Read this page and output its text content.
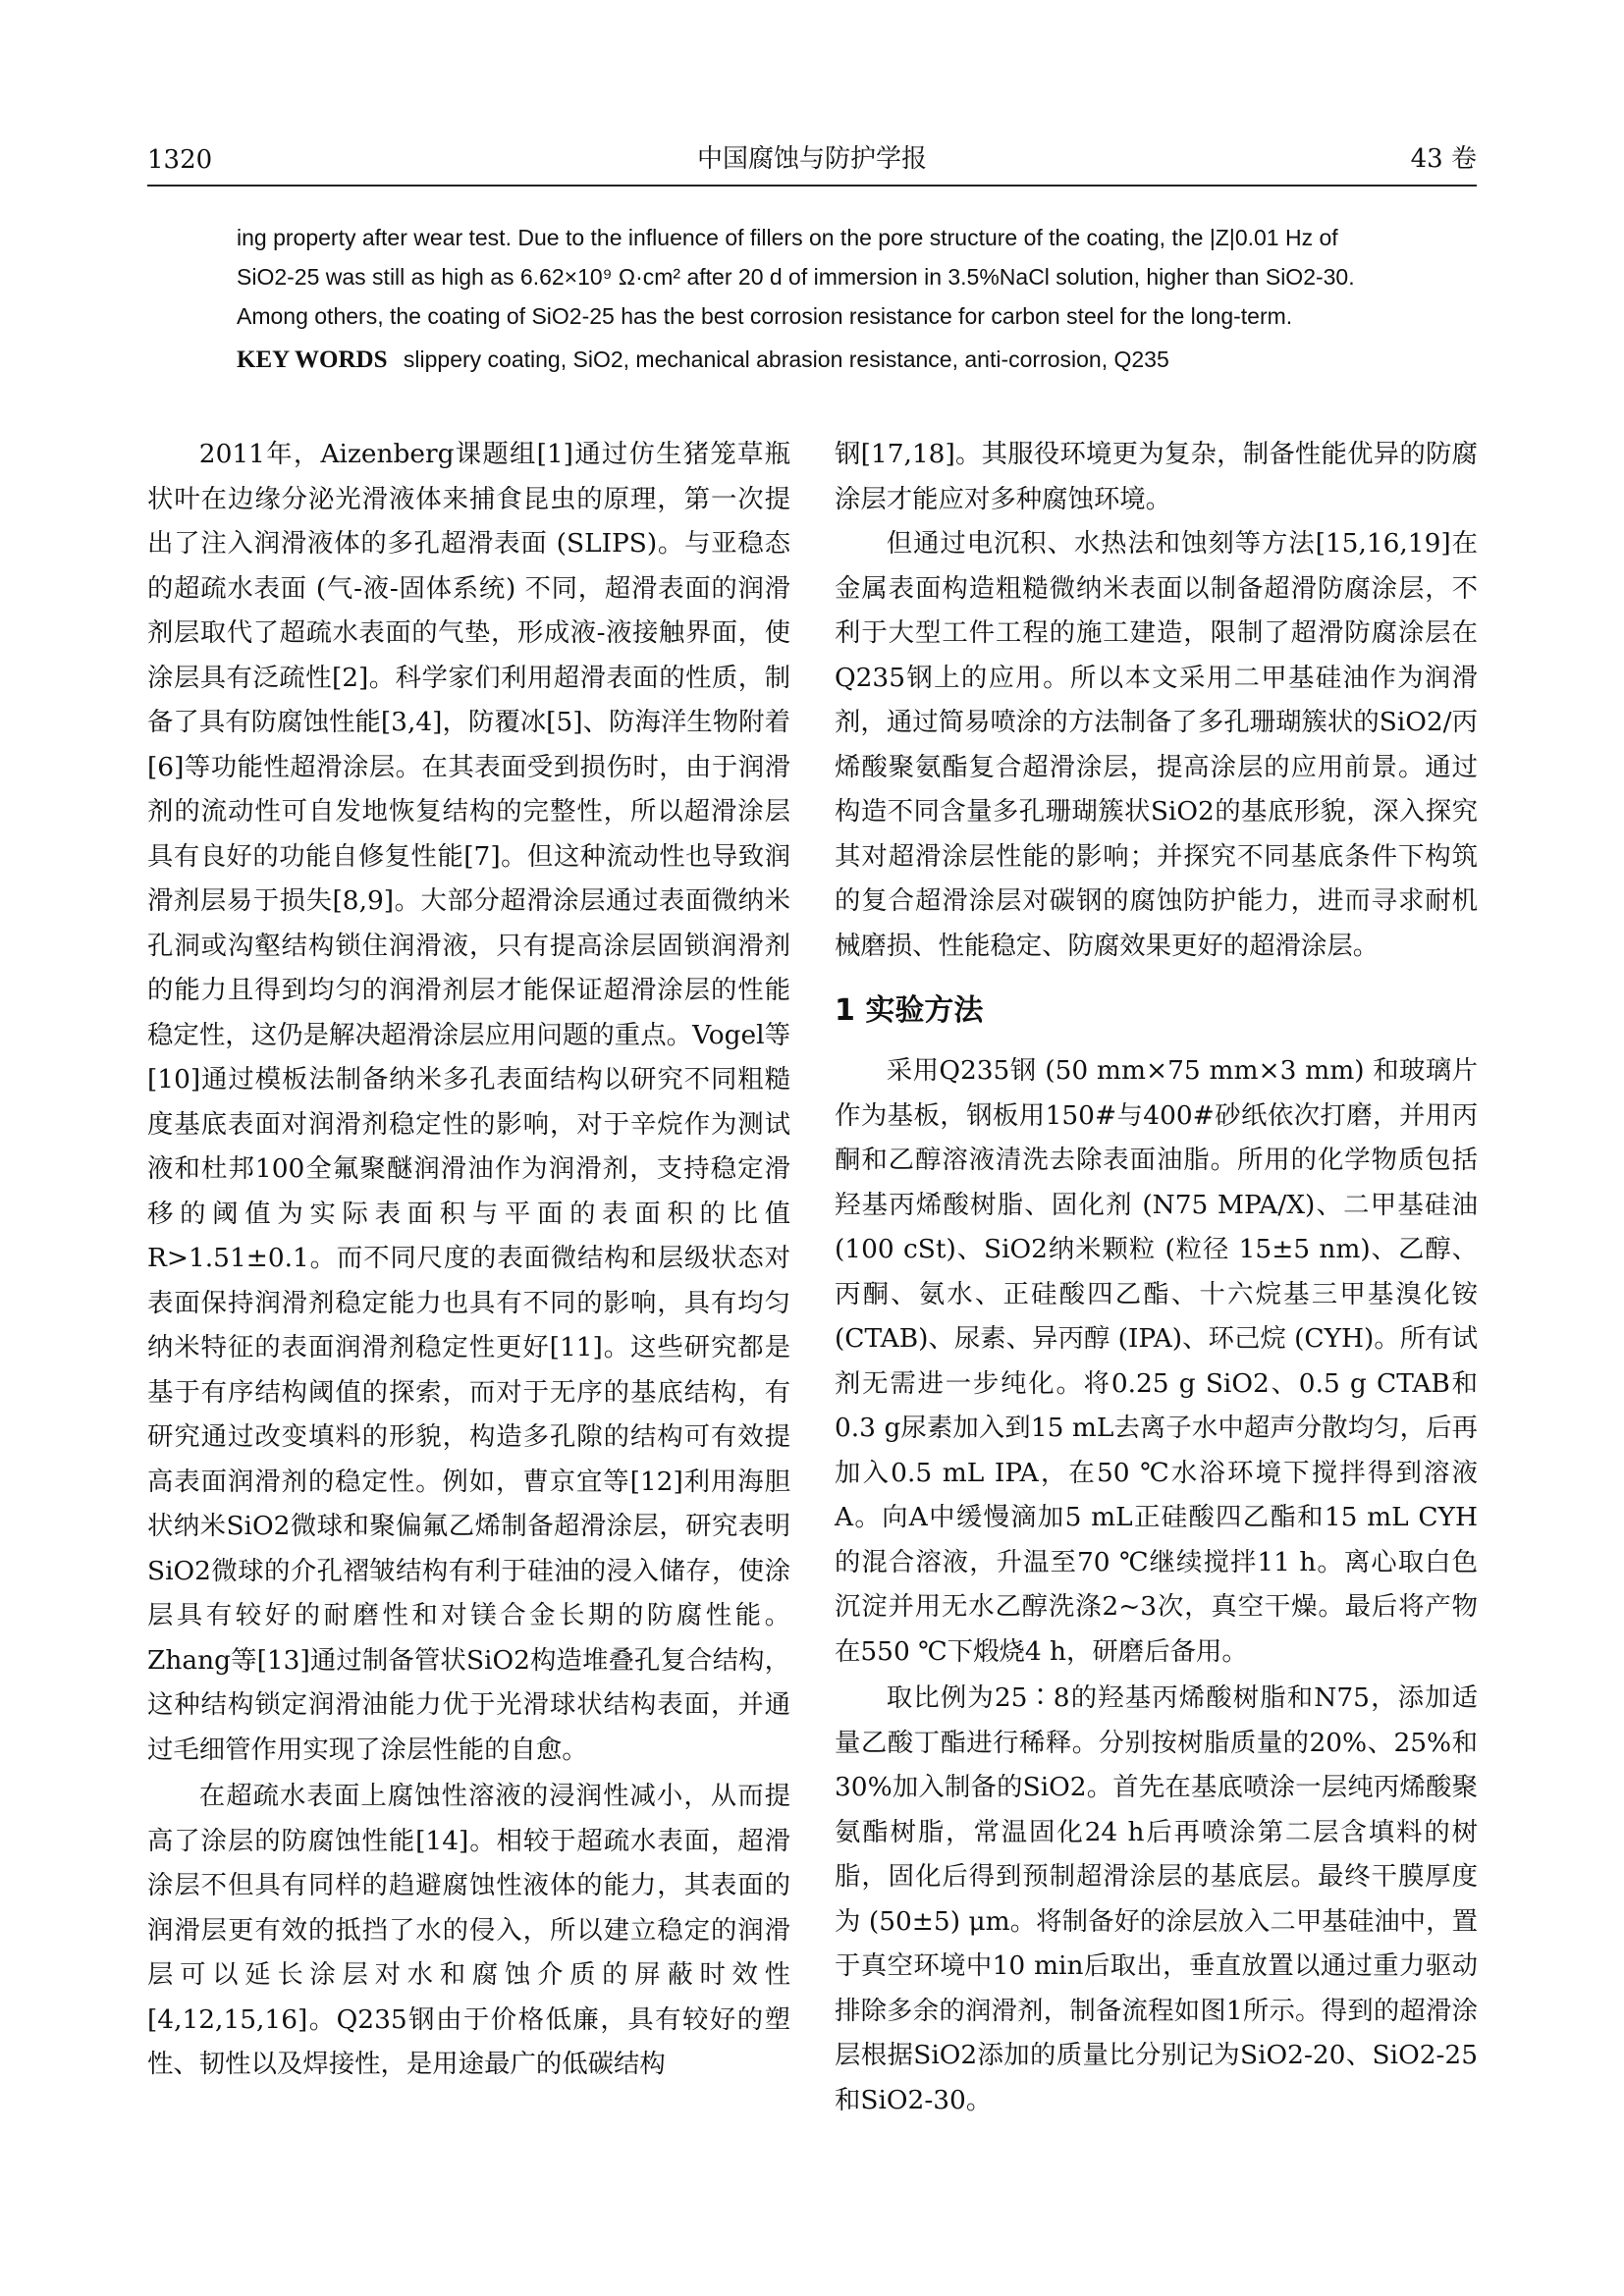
1320	中国腐蚀与防护学报	43 卷

ing property after wear test. Due to the influence of fillers on the pore structure of the coating, the |Z|0.01 Hz of SiO2-25 was still as high as 6.62×10⁹ Ω·cm² after 20 d of immersion in 3.5%NaCl solution, higher than SiO2-30. Among others, the coating of SiO2-25 has the best corrosion resistance for carbon steel for the long-term.

KEY WORDS slippery coating, SiO2, mechanical abrasion resistance, anti-corrosion, Q235

2011年，Aizenberg课题组[1]通过仿生猪笼草瓶状叶在边缘分泌光滑液体来捕食昆虫的原理，第一次提出了注入润滑液体的多孔超滑表面 (SLIPS)。与亚稳态的超疏水表面 (气-液-固体系统) 不同，超滑表面的润滑剂层取代了超疏水表面的气垫，形成液-液接触界面，使涂层具有泛疏性[2]。科学家们利用超滑表面的性质，制备了具有防腐蚀性能[3,4]，防覆冰[5]、防海洋生物附着[6]等功能性超滑涂层。在其表面受到损伤时，由于润滑剂的流动性可自发地恢复结构的完整性，所以超滑涂层具有良好的功能自修复性能[7]。但这种流动性也导致润滑剂层易于损失[8,9]。大部分超滑涂层通过表面微纳米孔洞或沟壑结构锁住润滑液，只有提高涂层固锁润滑剂的能力且得到均匀的润滑剂层才能保证超滑涂层的性能稳定性，这仍是解决超滑涂层应用问题的重点。Vogel等[10]通过模板法制备纳米多孔表面结构以研究不同粗糙度基底表面对润滑剂稳定性的影响，对于辛烷作为测试液和杜邦100全氟聚醚润滑油作为润滑剂，支持稳定滑移的阈值为实际表面积与平面的表面积的比值R>1.51±0.1。而不同尺度的表面微结构和层级状态对表面保持润滑剂稳定能力也具有不同的影响，具有均匀纳米特征的表面润滑剂稳定性更好[11]。这些研究都是基于有序结构阈值的探索，而对于无序的基底结构，有研究通过改变填料的形貌，构造多孔隙的结构可有效提高表面润滑剂的稳定性。例如，曹京宜等[12]利用海胆状纳米SiO2微球和聚偏氟乙烯制备超滑涂层，研究表明SiO2微球的介孔褶皱结构有利于硅油的浸入储存，使涂层具有较好的耐磨性和对镁合金长期的防腐性能。Zhang等[13]通过制备管状SiO2构造堆叠孔复合结构，这种结构锁定润滑油能力优于光滑球状结构表面，并通过毛细管作用实现了涂层性能的自愈。

在超疏水表面上腐蚀性溶液的浸润性减小，从而提高了涂层的防腐蚀性能[14]。相较于超疏水表面，超滑涂层不但具有同样的趋避腐蚀性液体的能力，其表面的润滑层更有效的抵挡了水的侵入，所以建立稳定的润滑层可以延长涂层对水和腐蚀介质的屏蔽时效性[4,12,15,16]。Q235钢由于价格低廉，具有较好的塑性、韧性以及焊接性，是用途最广的低碳结构

钢[17,18]。其服役环境更为复杂，制备性能优异的防腐涂层才能应对多种腐蚀环境。

但通过电沉积、水热法和蚀刻等方法[15,16,19]在金属表面构造粗糙微纳米表面以制备超滑防腐涂层，不利于大型工件工程的施工建造，限制了超滑防腐涂层在Q235钢上的应用。所以本文采用二甲基硅油作为润滑剂，通过简易喷涂的方法制备了多孔珊瑚簇状的SiO2/丙烯酸聚氨酯复合超滑涂层，提高涂层的应用前景。通过构造不同含量多孔珊瑚簇状SiO2的基底形貌，深入探究其对超滑涂层性能的影响；并探究不同基底条件下构筑的复合超滑涂层对碳钢的腐蚀防护能力，进而寻求耐机械磨损、性能稳定、防腐效果更好的超滑涂层。

1 实验方法

采用Q235钢 (50 mm×75 mm×3 mm) 和玻璃片作为基板，钢板用150#与400#砂纸依次打磨，并用丙酮和乙醇溶液清洗去除表面油脂。所用的化学物质包括羟基丙烯酸树脂、固化剂 (N75 MPA/X)、二甲基硅油 (100 cSt)、SiO2纳米颗粒 (粒径 15±5 nm)、乙醇、丙酮、氨水、正硅酸四乙酯、十六烷基三甲基溴化铵 (CTAB)、尿素、异丙醇 (IPA)、环己烷 (CYH)。所有试剂无需进一步纯化。将0.25 g SiO2、0.5 g CTAB和0.3 g尿素加入到15 mL去离子水中超声分散均匀，后再加入0.5 mL IPA，在50 ℃水浴环境下搅拌得到溶液A。向A中缓慢滴加5 mL正硅酸四乙酯和15 mL CYH的混合溶液，升温至70 ℃继续搅拌11 h。离心取白色沉淀并用无水乙醇洗涤2~3次，真空干燥。最后将产物在550 ℃下煅烧4 h，研磨后备用。

取比例为25∶8的羟基丙烯酸树脂和N75，添加适量乙酸丁酯进行稀释。分别按树脂质量的20%、25%和30%加入制备的SiO2。首先在基底喷涂一层纯丙烯酸聚氨酯树脂，常温固化24 h后再喷涂第二层含填料的树脂，固化后得到预制超滑涂层的基底层。最终干膜厚度为 (50±5) μm。将制备好的涂层放入二甲基硅油中，置于真空环境中10 min后取出，垂直放置以通过重力驱动排除多余的润滑剂，制备流程如图1所示。得到的超滑涂层根据SiO2添加的质量比分别记为SiO2-20、SiO2-25和SiO2-30。
